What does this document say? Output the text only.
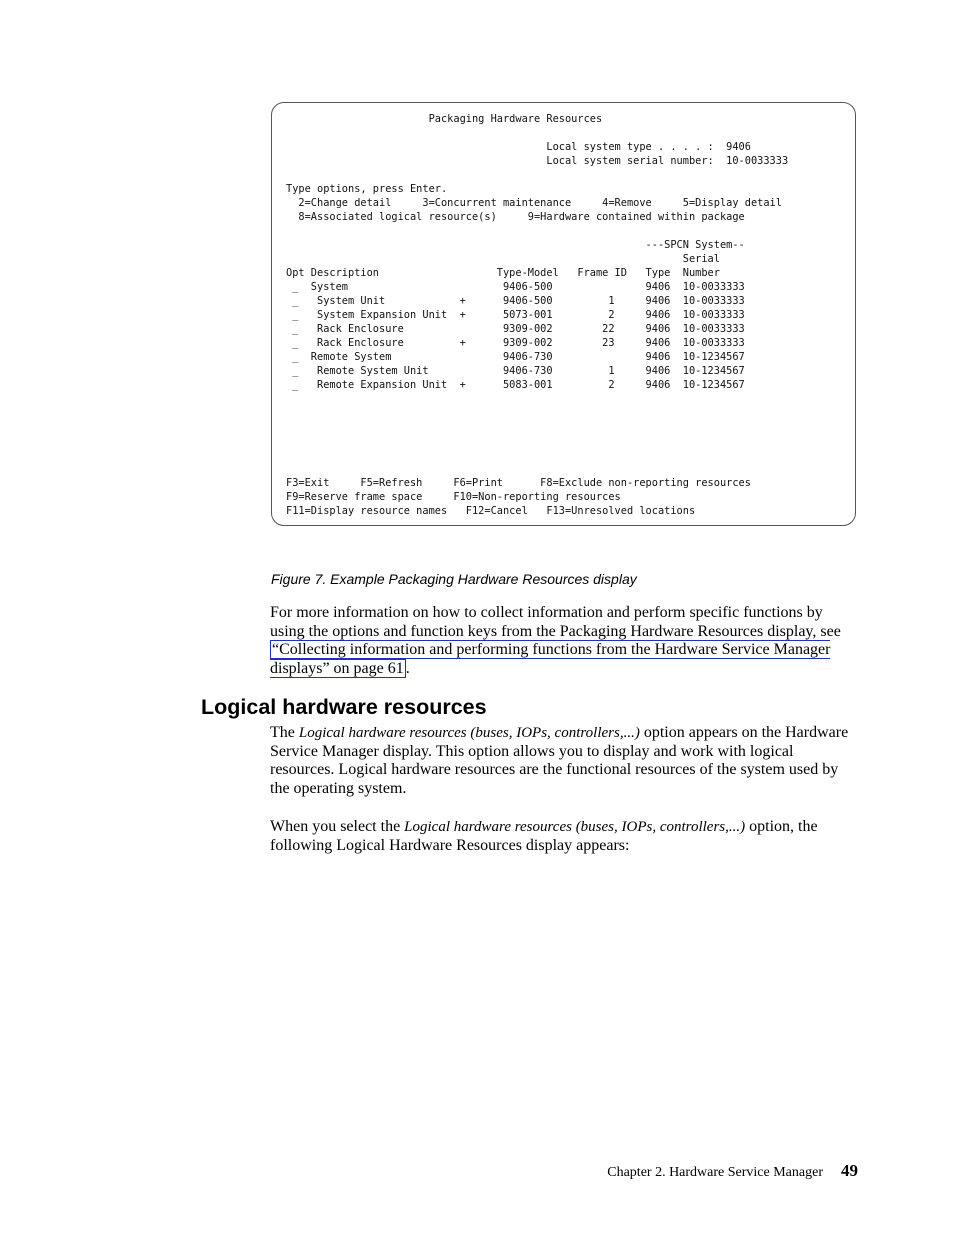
Packaging Hardware Resources

Local system type . . . . :  9406
Local system serial number:  10-0033333

Type options, press Enter.
2=Change detail     3=Concurrent maintenance     4=Remove     5=Display detail
8=Associated logical resource(s)     9=Hardware contained within package

---SPCN System--
Serial
Opt Description                   Type-Model   Frame ID   Type  Number
_  System                         9406-500               9406  10-0033333
_   System Unit            +      9406-500         1     9406  10-0033333
_   System Expansion Unit  +      5073-001         2     9406  10-0033333
_   Rack Enclosure                9309-002        22     9406  10-0033333
_   Rack Enclosure         +      9309-002        23     9406  10-0033333
_  Remote System                  9406-730               9406  10-1234567
_   Remote System Unit            9406-730         1     9406  10-1234567
_   Remote Expansion Unit  +      5083-001         2     9406  10-1234567
F3=Exit     F5=Refresh     F6=Print      F8=Exclude non-reporting resources
F9=Reserve frame space     F10=Non-reporting resources
F11=Display resource names   F12=Cancel   F13=Unresolved locations
Figure 7. Example Packaging Hardware Resources display

For more information on how to collect information and perform specific functions by using the options and function keys from the Packaging Hardware Resources display, see “Collecting information and performing functions from the Hardware Service Manager displays” on page 61 .

Logical hardware resources

The Logical hardware resources (buses, IOPs, controllers,...) option appears on the Hardware Service Manager display. This option allows you to display and work with logical resources. Logical hardware resources are the functional resources of the system used by the operating system.

When you select the Logical hardware resources (buses, IOPs, controllers,...) option, the following Logical Hardware Resources display appears:

Chapter 2. Hardware Service Manager 49
